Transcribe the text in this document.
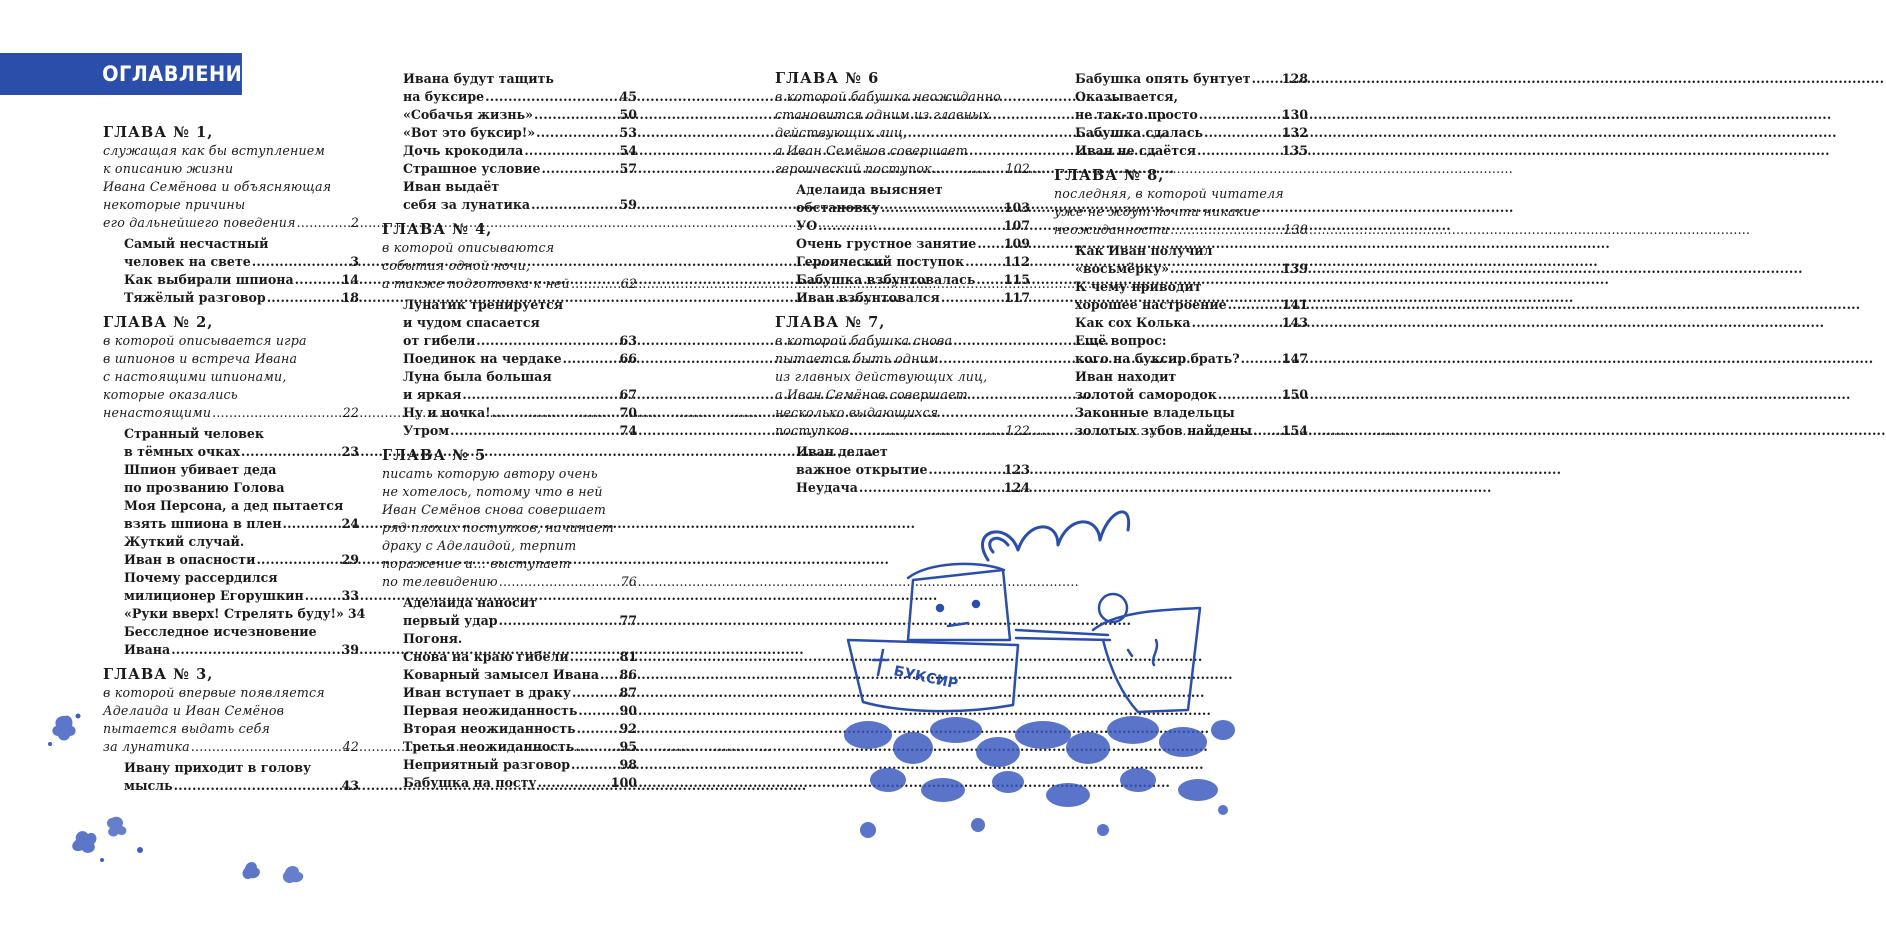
ОГЛАВЛЕНИЕ
ГЛАВА № 1,
служащая как бы вступлением
к описанию жизни
Ивана Семёнова и объясняющая
некоторые причины
его дальнейшего поведения .....	2
Самый несчастный
человек на свете .....	3
Как выбирали шпиона .....	14
Тяжёлый разговор .....	18
ГЛАВА № 2,
в которой описывается игра
в шпионов и встреча Ивана
с настоящими шпионами,
которые оказались
ненастоящими .....	22
Странный человек
в тёмных очках .....	23
Шпион убивает деда
по прозванию Голова
Моя Персона, а дед пытается
взять шпиона в плен .....	24
Жуткий случай.
Иван в опасности .....	29
Почему рассердился
милиционер Егорушкин .....	33
«Руки вверх! Стрелять буду!» 34
Бесследное исчезновение
Ивана .....	39
ГЛАВА № 3,
в которой впервые появляется
Аделаида и Иван Семёнов
пытается выдать себя
за лунатика .....	42
Ивану приходит в голову
мысль .....	43
Ивана будут тащить
на буксире .....	45
«Собачья жизнь» .....	50
«Вот это буксир!» .....	53
Дочь крокодила .....	54
Страшное условие .....	57
Иван выдаёт
себя за лунатика .....	59
ГЛАВА № 4,
в которой описываются
события одной ночи,
а также подготовка к ней .....	62
Лунатик тренируется
и чудом спасается
от гибели .....	63
Поединок на чердаке .....	66
Луна была большая
и яркая .....	67
Ну и ночка! .....	70
Утром .....	74
ГЛАВА № 5
писать которую автору очень
не хотелось, потому что в ней
Иван Семёнов снова совершает
ряд плохих поступков, начинает
драку с Аделаидой, терпит
поражение и… выступает
по телевидению .....	76
Аделаида наносит
первый удар .....	77
Погоня.
Снова на краю гибели .....	81
Коварный замысел Ивана ..... 86
Иван вступает в драку .....	87
Первая неожиданность .....	90
Вторая неожиданность .....	92
Третья неожиданность .....	95
Неприятный разговор .....	98
Бабушка на посту .....	100
ГЛАВА № 6
в которой бабушка неожиданно
становится одним из главных
действующих лиц,
а Иван Семёнов совершает
героический поступок .....	102
Аделаида выясняет
обстановку .....	103
УО .....	107
Очень грустное занятие ..... 109
Героический поступок .....	112
Бабушка взбунтовалась ..... 115
Иван взбунтовался .....	117
ГЛАВА № 7,
в которой бабушка снова
пытается быть одним
из главных действующих лиц,
а Иван Семёнов совершает
несколько выдающихся
поступков .....	122
Иван делает
важное открытие .....	123
Неудача .....	124
Бабушка опять бунтует ..... 128
Оказывается,
не так-то просто .....	130
Бабушка сдалась .....	132
Иван не сдаётся .....	135
ГЛАВА № 8,
последняя, в которой читателя
уже не ждут почти никакие
неожиданности .....	138
Как Иван получил
«восьмёрку» .....	139
К чему приводит
хорошее настроение .....	141
Как сох Колька .....	143
Ещё вопрос:
кого на буксир брать? .....	147
Иван находит
золотой самородок .....	150
Законные владельцы
золотых зубов найдены ..... 154
БУКСИР
